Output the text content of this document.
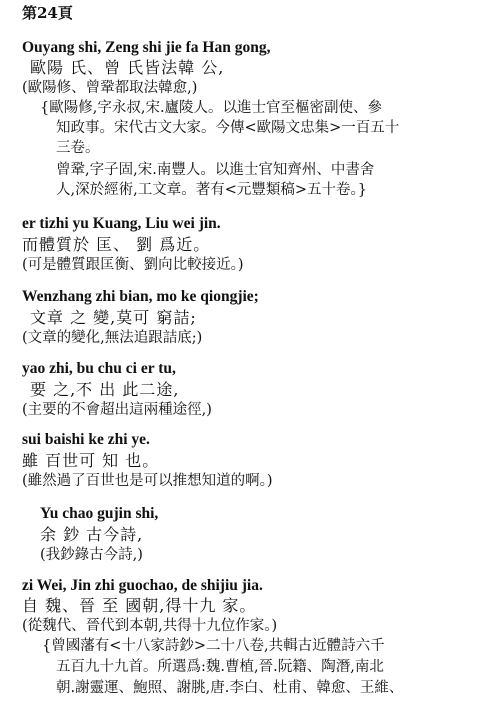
第24頁
Ouyang shi, Zeng shi jie fa Han gong,
歐陽 氏、曾 氏皆法韓 公,
(歐陽修、曾鞏都取法韓愈,)
{歐陽修,字永叔,宋.廬陵人。以進士官至樞密副使、參
知政事。宋代古文大家。今傳<歐陽文忠集>一百五十
三卷。
曾鞏,字子固,宋.南豐人。以進士官知齊州、中書舍
人,深於經術,工文章。著有<元豐類稿>五十卷。}
er tizhi yu Kuang, Liu wei jin.
而體質於 匡、 劉 爲近。
(可是體質跟匡衡、劉向比較接近。)
Wenzhang zhi bian, mo ke qiongjie;
文章 之 變,莫可 窮詰;
(文章的變化,無法追跟詰底;)
yao zhi, bu chu ci er tu,
要 之,不 出 此二途,
(主要的不會超出這兩種途徑,)
sui baishi ke zhi ye.
雖 百世可 知 也。
(雖然過了百世也是可以推想知道的啊。)
Yu chao gujin shi,
余 鈔 古今詩,
(我鈔錄古今詩,)
zi Wei, Jin zhi guochao, de shijiu jia.
自 魏、晉 至 國朝,得十九 家。
(從魏代、晉代到本朝,共得十九位作家。)
{曾國藩有<十八家詩鈔>二十八卷,共輯古近體詩六千
五百九十九首。所選爲:魏.曹植,晉.阮籍、陶潛,南北
朝.謝靈運、鮑照、謝朓,唐.李白、杜甫、韓愈、王維、
